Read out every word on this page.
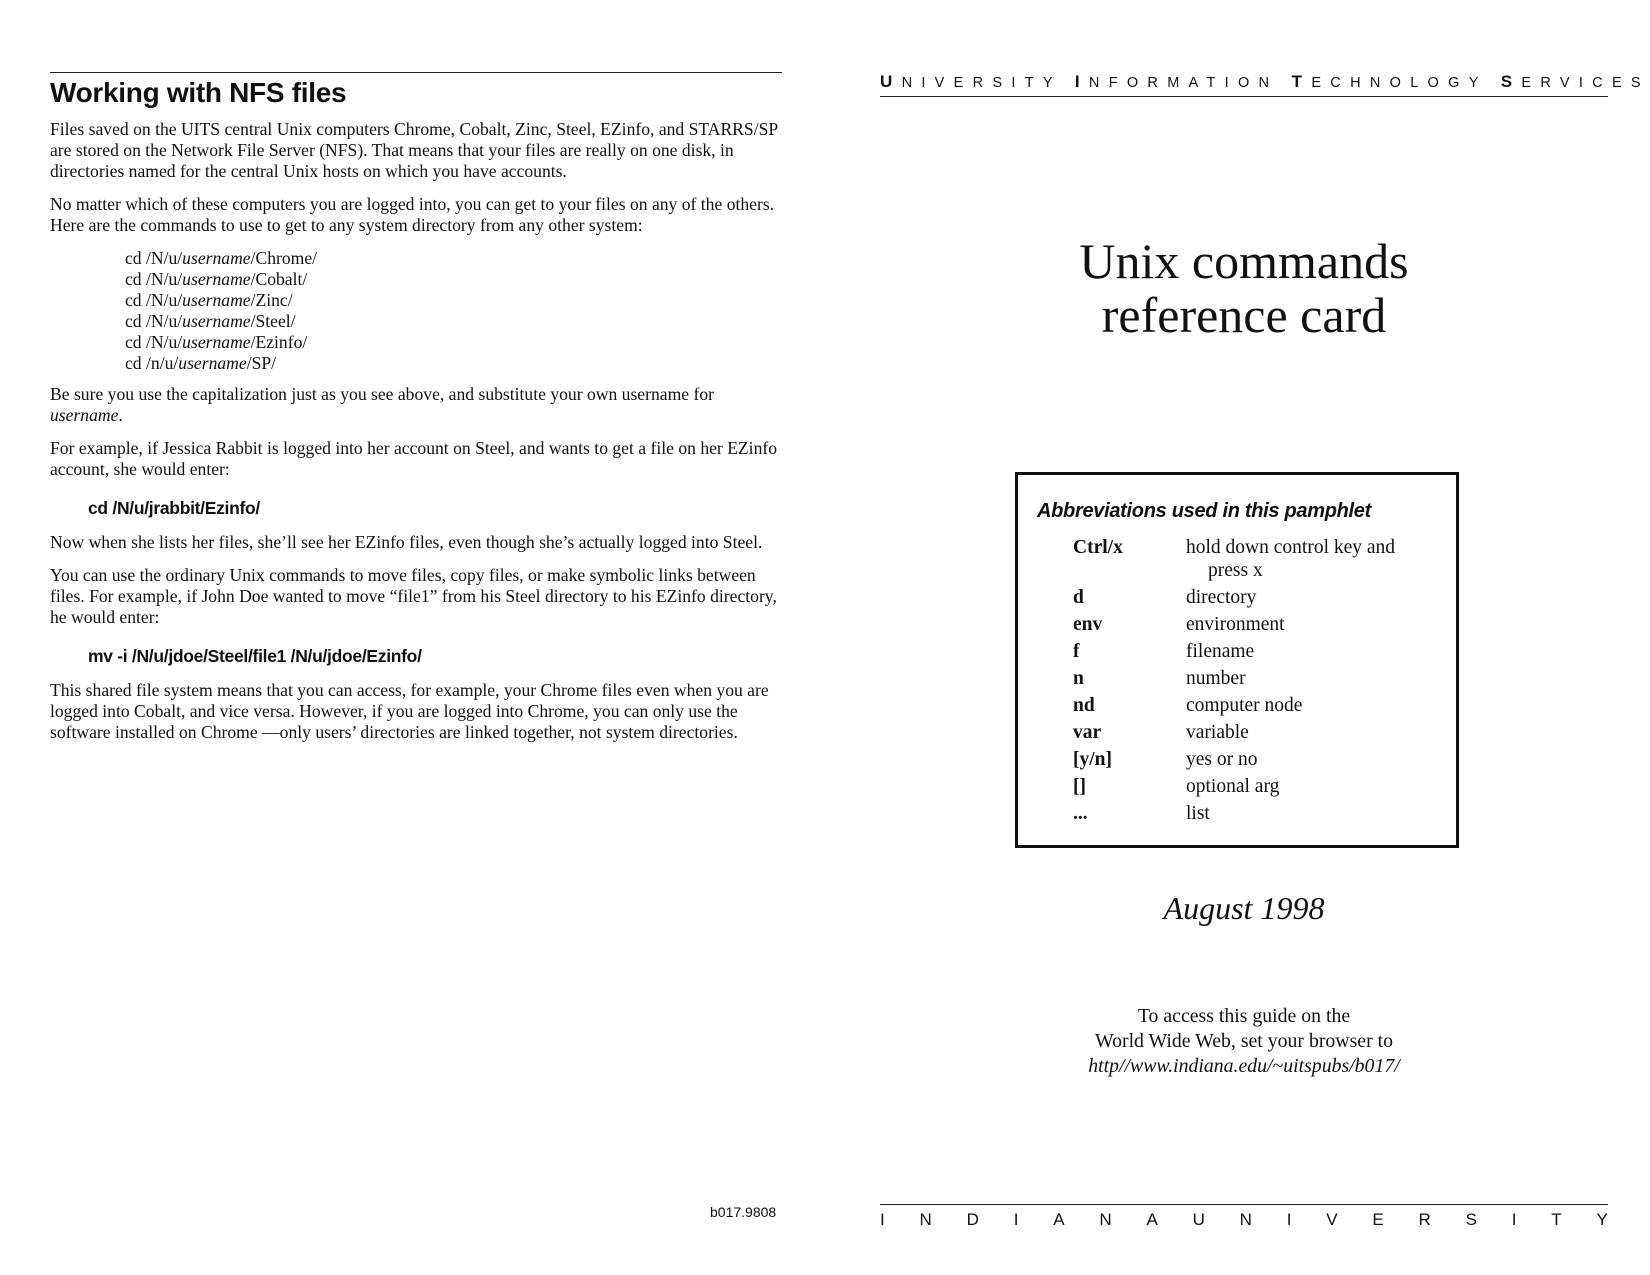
Working with NFS files

Files saved on the UITS central Unix computers Chrome, Cobalt, Zinc, Steel, EZinfo, and STARRS/SP are stored on the Network File Server (NFS). That means that your files are really on one disk, in directories named for the central Unix hosts on which you have accounts.

No matter which of these computers you are logged into, you can get to your files on any of the others. Here are the commands to use to get to any system directory from any other system:

cd /N/u/username/Chrome/
cd /N/u/username/Cobalt/
cd /N/u/username/Zinc/
cd /N/u/username/Steel/
cd /N/u/username/Ezinfo/
cd /n/u/username/SP/

Be sure you use the capitalization just as you see above, and substitute your own username for username.

For example, if Jessica Rabbit is logged into her account on Steel, and wants to get a file on her EZinfo account, she would enter:

cd /N/u/jrabbit/Ezinfo/

Now when she lists her files, she’ll see her EZinfo files, even though she’s actually logged into Steel.

You can use the ordinary Unix commands to move files, copy files, or make symbolic links between files. For example, if John Doe wanted to move “file1” from his Steel directory to his EZinfo directory, he would enter:

mv -i /N/u/jdoe/Steel/file1 /N/u/jdoe/Ezinfo/

This shared file system means that you can access, for example, your Chrome files even when you are logged into Cobalt, and vice versa. However, if you are logged into Chrome, you can only use the software installed on Chrome —only users’ directories are linked together, not system directories.

b017.9808
UNIVERSITY INFORMATION TECHNOLOGY SERVICES
Unix commands
reference card
Abbreviations used in this pamphlet
Ctrl/x	hold down control key and
press x
d	directory
env	environment
f	filename
n	number
nd	computer node
var	variable
[y/n]	yes or no
[]	optional arg
...	list
August 1998
To access this guide on the
World Wide Web, set your browser to
http//www.indiana.edu/~uitspubs/b017/
I N D I A N A U N I V E R S I T Y
